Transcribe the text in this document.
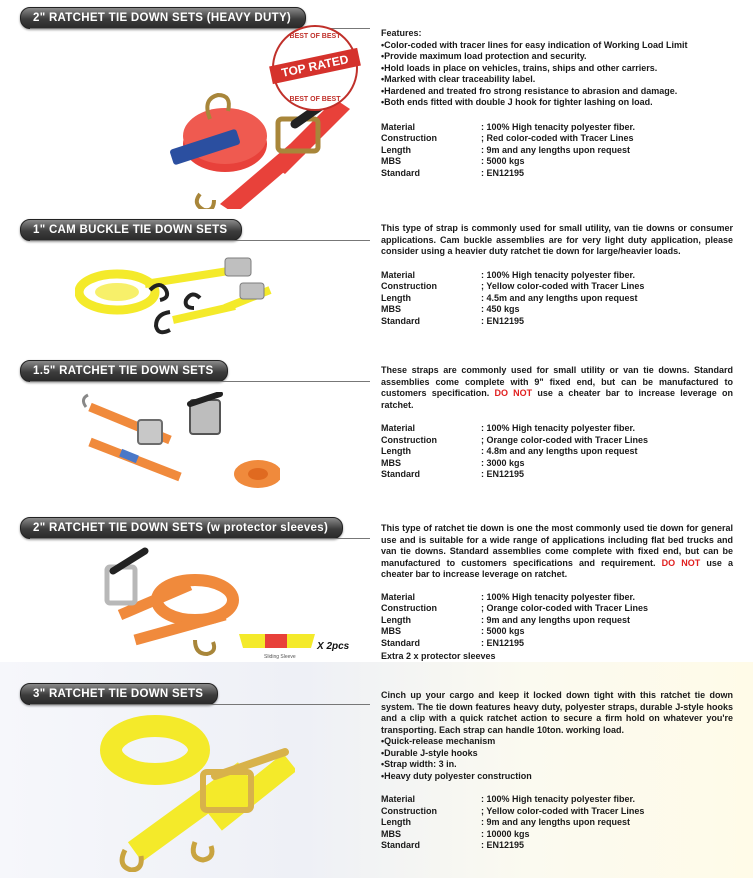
2" RATCHET TIE DOWN SETS (HEAVY DUTY)
BEST OF BEST
TOP RATED
BEST OF BEST
Features:
• Color-coded with tracer lines for easy indication of Working Load Limit
• Provide maximum load protection and security.
• Hold loads in place on vehicles, trains, ships and other carriers.
• Marked with clear traceability label.
• Hardened and treated fro strong resistance to abrasion and damage.
• Both ends fitted with double J hook for tighter lashing on load.
Material	: 100% High tenacity polyester fiber.
Construction	; Red color-coded with Tracer Lines
Length	: 9m and any lengths upon request
MBS	: 5000 kgs
Standard	: EN12195
1" CAM BUCKLE TIE DOWN SETS	This type of strap is commonly used for small utility, van tie downs or consumer applications. Cam buckle assemblies are for very light duty application, please consider using a heavier duty ratchet tie down for large/heavier loads.
Material	: 100% High tenacity polyester fiber.
Construction	; Yellow color-coded with Tracer Lines
Length	: 4.5m and any lengths upon request
MBS	: 450 kgs
Standard	: EN12195
1.5" RATCHET TIE DOWN SETS	These straps are commonly used for small utility or van tie downs. Standard assemblies come complete with 9" fixed end, but can be manufactured to customers specification. DO NOT use a cheater bar to increase leverage on ratchet.
Material	: 100% High tenacity polyester fiber.
Construction	; Orange color-coded with Tracer Lines
Length	: 4.8m and any lengths upon request
MBS	: 3000 kgs
Standard	: EN12195
2" RATCHET TIE DOWN SETS (w protector sleeves)
Sliding Sleeve
X 2pcs
This type of ratchet tie down is one the most commonly used tie down for general use and is suitable for a wide range of applications including flat bed trucks and van tie downs. Standard assemblies come complete with fixed end, but can be manufactured to customers specifications and requirement. DO NOT use a cheater bar to increase leverage on ratchet.
Material	: 100% High tenacity polyester fiber.
Construction	; Orange color-coded with Tracer Lines
Length	: 9m and any lengths upon request
MBS	: 5000 kgs
Standard	: EN12195
Extra 2 x protector sleeves
3" RATCHET TIE DOWN SETS	Cinch up your cargo and keep it locked down tight with this ratchet tie down system. The tie down features heavy duty, polyester straps, durable J-style hooks and a clip with a quick ratchet action to secure a firm hold on whatever you're transporting. Each strap can handle 10ton. working load.
• Quick-release mechanism
• Durable J-style hooks
• Strap width: 3 in.
• Heavy duty polyester construction
Material	: 100% High tenacity polyester fiber.
Construction	; Yellow color-coded with Tracer Lines
Length	: 9m and any lengths upon request
MBS	: 10000 kgs
Standard	: EN12195
